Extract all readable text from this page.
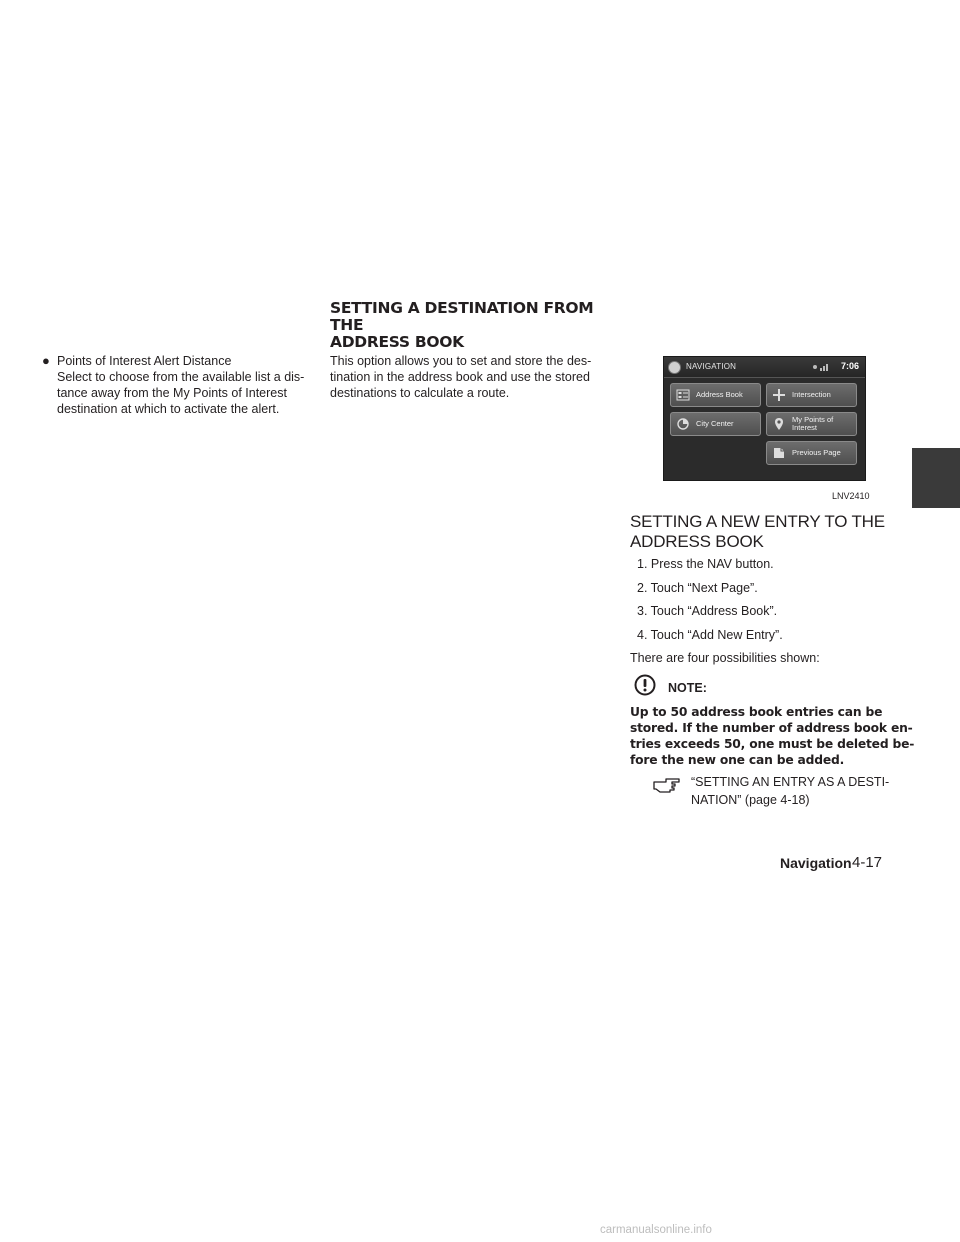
SETTING A DESTINATION FROM THE
ADDRESS BOOK
● Points of Interest Alert Distance
Select to choose from the available list a dis-
tance away from the My Points of Interest
destination at which to activate the alert.
This option allows you to set and store the des-
tination in the address book and use the stored
destinations to calculate a route.
NAVIGATION	7:06
Address Book	Intersection
City Center	My Points of
Interest
Previous Page
LNV2410
SETTING A NEW ENTRY TO THE
ADDRESS BOOK
1. Press the NAV button.
2. Touch “Next Page”.
3. Touch “Address Book”.
4. Touch “Add New Entry”.
There are four possibilities shown:
NOTE:
Up to 50 address book entries can be
stored. If the number of address book en-
tries exceeds 50, one must be deleted be-
fore the new one can be added.
“SETTING AN ENTRY AS A DESTI-
NATION” (page 4-18)
Navigation 4-17
carmanualsonline.info
